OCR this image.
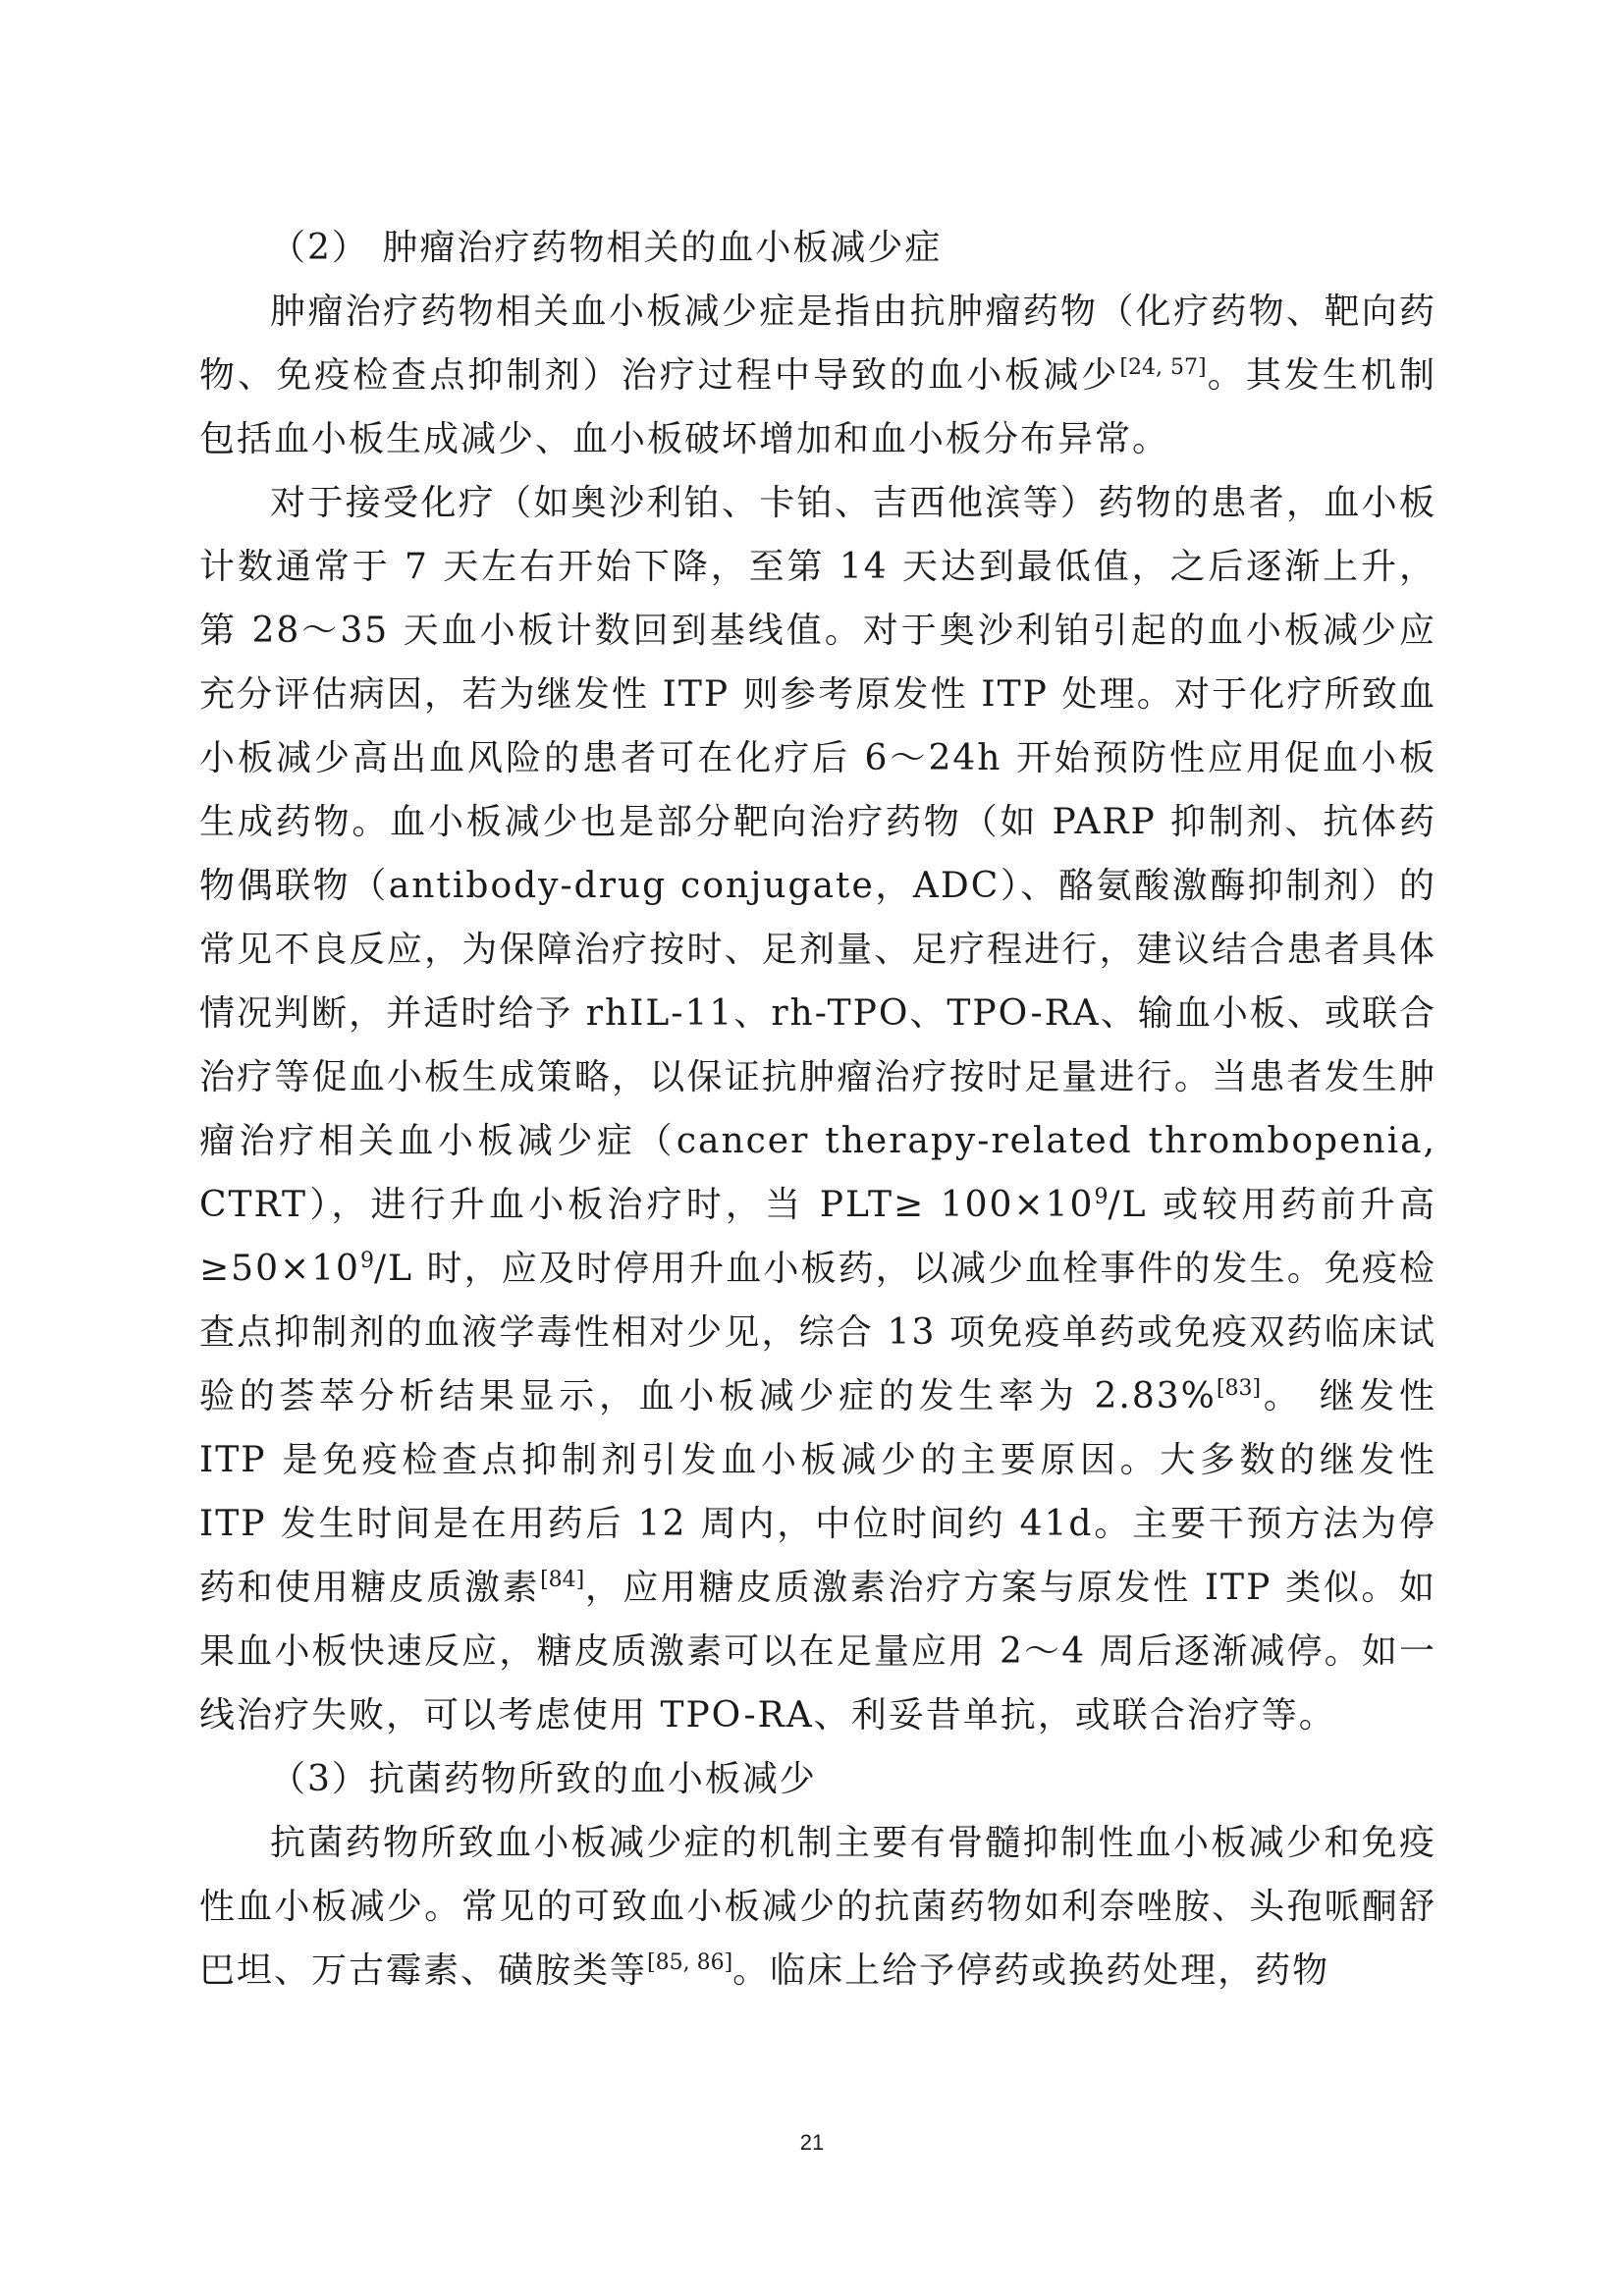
（2） 肿瘤治疗药物相关的血小板减少症

肿瘤治疗药物相关血小板减少症是指由抗肿瘤药物（化疗药物、靶向药物、免疫检查点抑制剂）治疗过程中导致的血小板减少[24, 57]。其发生机制包括血小板生成减少、血小板破坏增加和血小板分布异常。

对于接受化疗（如奥沙利铂、卡铂、吉西他滨等）药物的患者，血小板计数通常于 7 天左右开始下降，至第 14 天达到最低值，之后逐渐上升，第 28～35 天血小板计数回到基线值。对于奥沙利铂引起的血小板减少应充分评估病因，若为继发性 ITP 则参考原发性 ITP 处理。对于化疗所致血小板减少高出血风险的患者可在化疗后 6～24h 开始预防性应用促血小板生成药物。血小板减少也是部分靶向治疗药物（如 PARP 抑制剂、抗体药物偶联物（antibody-drug conjugate，ADC）、酪氨酸激酶抑制剂）的常见不良反应，为保障治疗按时、足剂量、足疗程进行，建议结合患者具体情况判断，并适时给予 rhIL-11、rh-TPO、TPO-RA、输血小板、或联合治疗等促血小板生成策略，以保证抗肿瘤治疗按时足量进行。当患者发生肿瘤治疗相关血小板减少症（cancer therapy-related thrombopenia, CTRT），进行升血小板治疗时，当 $PLT\ge 100\times 10^9/L$ 或较用药前升高$\ge 50\times 10^9/L$ 时，应及时停用升血小板药，以减少血栓事件的发生。免疫检查点抑制剂的血液学毒性相对少见，综合 13 项免疫单药或免疫双药临床试验的荟萃分析结果显示，血小板减少症的发生率为 2.83%[83]。 继发性 ITP 是免疫检查点抑制剂引发血小板减少的主要原因。大多数的继发性 ITP 发生时间是在用药后 12 周内，中位时间约 41d。主要干预方法为停药和使用糖皮质激素[84]，应用糖皮质激素治疗方案与原发性 ITP 类似。如果血小板快速反应，糖皮质激素可以在足量应用 2～4 周后逐渐减停。如一线治疗失败，可以考虑使用 TPO-RA、利妥昔单抗，或联合治疗等。

（3）抗菌药物所致的血小板减少

抗菌药物所致血小板减少症的机制主要有骨髓抑制性血小板减少和免疫性血小板减少。常见的可致血小板减少的抗菌药物如利奈唑胺、头孢哌酮舒巴坦、万古霉素、磺胺类等[85, 86]。临床上给予停药或换药处理，药物

21
